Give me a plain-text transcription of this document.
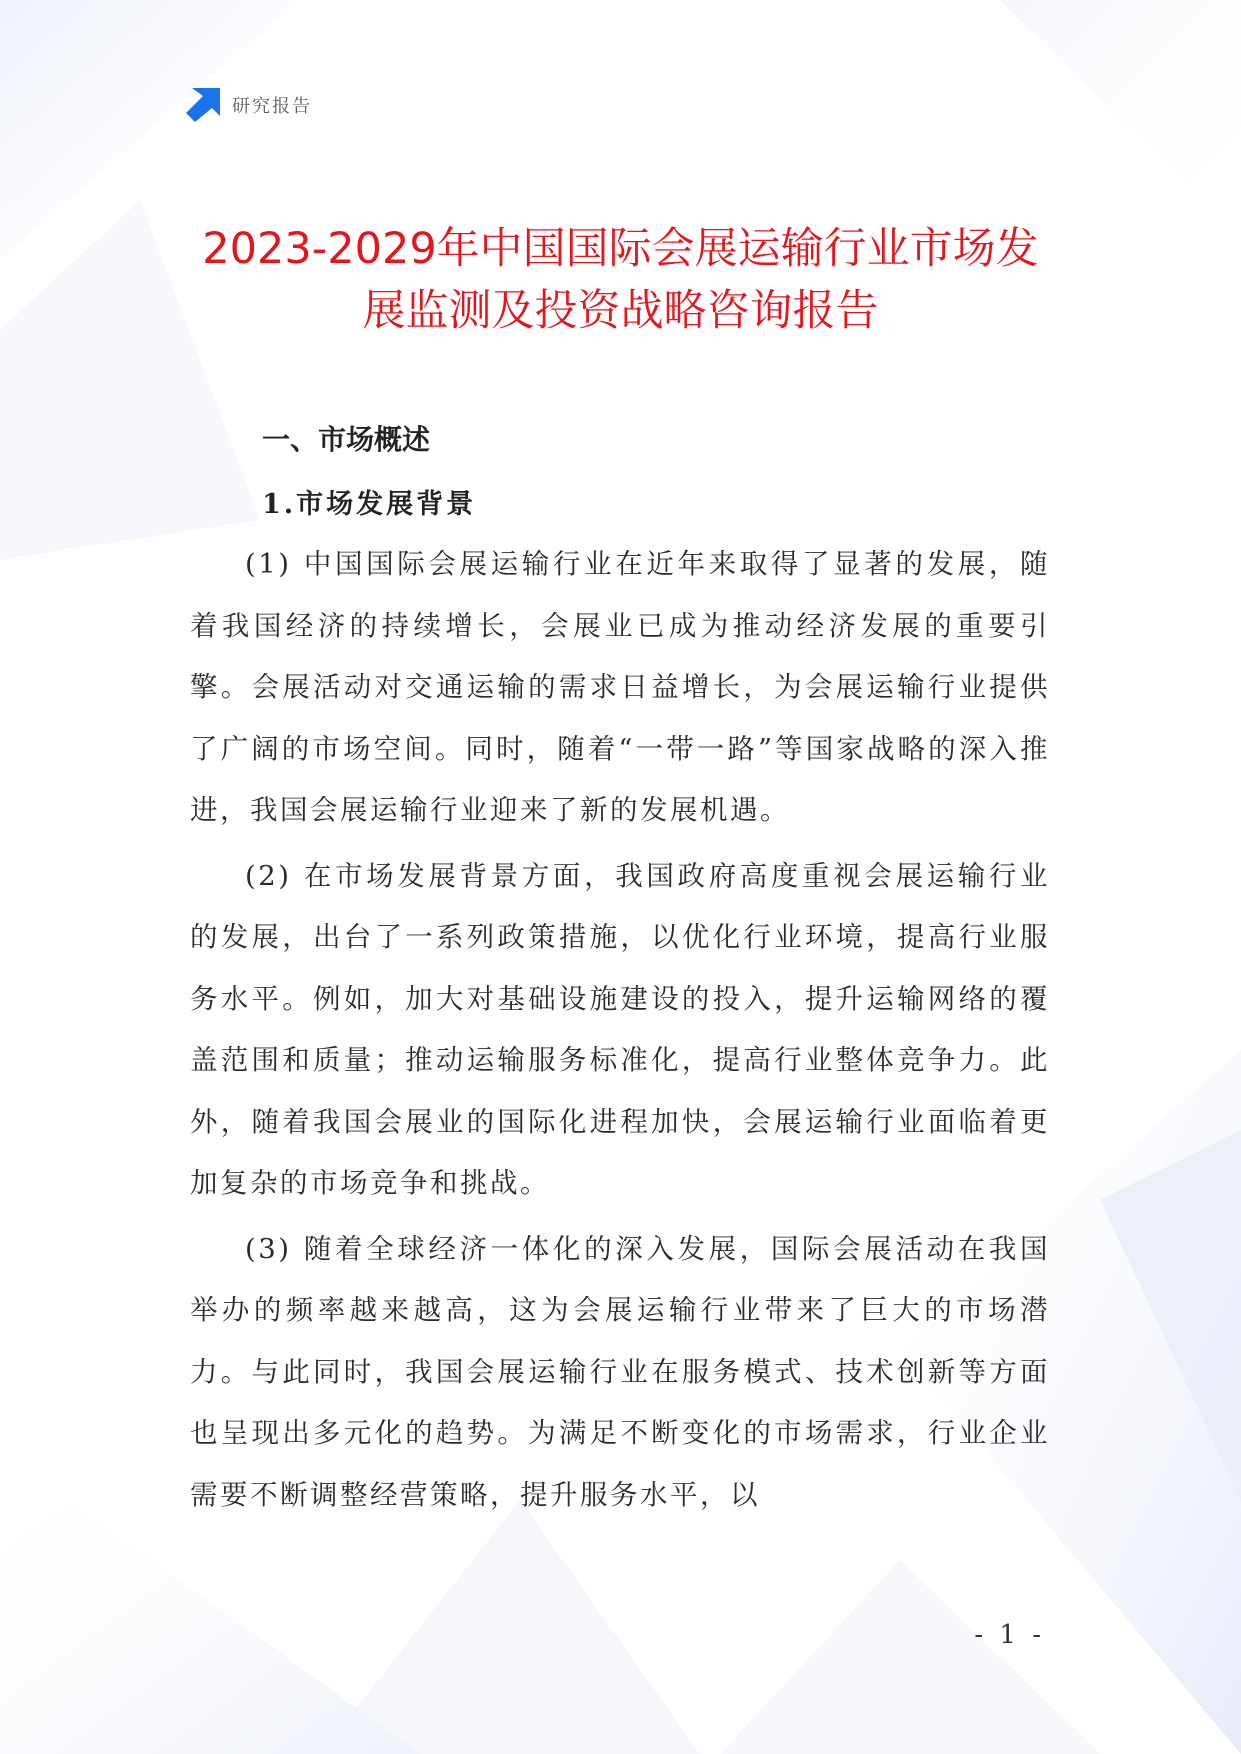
研究报告
2023-2029年中国国际会展运输行业市场发
展监测及投资战略咨询报告
一、市场概述
1.市场发展背景

(1) 中国国际会展运输行业在近年来取得了显著的发展，随着我国经济的持续增长，会展业已成为推动经济发展的重要引擎。会展活动对交通运输的需求日益增长，为会展运输行业提供了广阔的市场空间。同时，随着“一带一路”等国家战略的深入推进，我国会展运输行业迎来了新的发展机遇。

(2) 在市场发展背景方面，我国政府高度重视会展运输行业的发展，出台了一系列政策措施，以优化行业环境，提高行业服务水平。例如，加大对基础设施建设的投入，提升运输网络的覆盖范围和质量；推动运输服务标准化，提高行业整体竞争力。此外，随着我国会展业的国际化进程加快，会展运输行业面临着更加复杂的市场竞争和挑战。

(3) 随着全球经济一体化的深入发展，国际会展活动在我国举办的频率越来越高，这为会展运输行业带来了巨大的市场潜力。与此同时，我国会展运输行业在服务模式、技术创新等方面也呈现出多元化的趋势。为满足不断变化的市场需求，行业企业需要不断调整经营策略，提升服务水平，以

- 1 -
